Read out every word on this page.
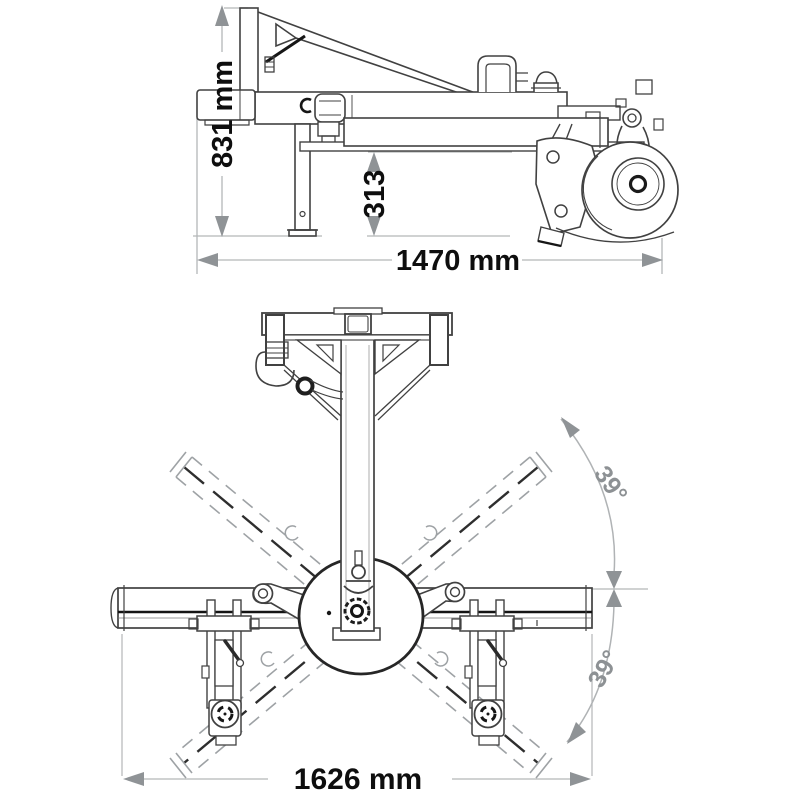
831 mm
313
1470 mm
39°
39°
1626 mm
